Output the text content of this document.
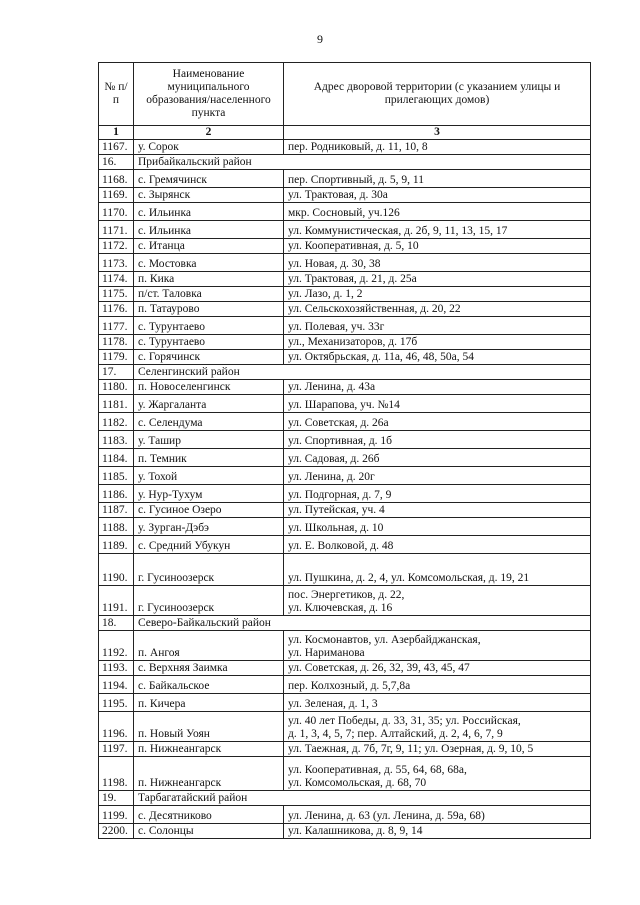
9
№ п/п	Наименование муниципального образования/населенного пункта	Адрес дворовой территории (с указанием улицы и прилегающих домов)
1	2	3
1167.	у. Сорок	пер. Родниковый, д. 11, 10, 8
16.	Прибайкальский район	
1168.	с. Гремячинск	пер. Спортивный, д. 5, 9, 11
1169.	с. Зырянск	ул. Трактовая, д. 30а
1170.	с. Ильинка	мкр. Сосновый, уч.126
1171.	с. Ильинка	ул. Коммунистическая, д. 2б, 9, 11, 13, 15, 17
1172.	с. Итанца	ул. Кооперативная, д. 5, 10
1173.	с. Мостовка	ул. Новая, д. 30, 38
1174.	п. Кика	ул. Трактовая, д. 21, д. 25а
1175.	п/ст. Таловка	ул. Лазо, д. 1, 2
1176.	п. Татаурово	ул. Сельскохозяйственная, д. 20, 22
1177.	с. Турунтаево	ул. Полевая, уч. 33г
1178.	с. Турунтаево	ул., Механизаторов, д. 17б
1179.	с. Горячинск	ул. Октябрьская, д. 11а, 46, 48, 50а, 54
17.	Селенгинский район	
1180.	п. Новоселенгинск	ул. Ленина, д. 43а
1181.	у. Жаргаланта	ул. Шарапова, уч. №14
1182.	с. Селендума	ул. Советская, д. 26а
1183.	у. Ташир	ул. Спортивная, д. 1б
1184.	п. Темник	ул. Садовая, д. 26б
1185.	у. Тохой	ул. Ленина, д. 20г
1186.	у. Нур-Тухум	ул. Подгорная, д. 7, 9
1187.	с. Гусиное Озеро	ул. Путейская, уч. 4
1188.	у. Зурган-Дэбэ	ул. Школьная, д. 10
1189.	с. Средний Убукун	ул. Е. Волковой, д. 48
1190.	г. Гусиноозерск	ул. Пушкина, д. 2, 4, ул. Комсомольская, д. 19, 21
1191.	г. Гусиноозерск	пос. Энергетиков, д. 22,
ул. Ключевская, д. 16
18.	Северо-Байкальский район	
1192.	п. Ангоя	ул. Космонавтов, ул. Азербайджанская,
ул. Нариманова
1193.	с. Верхняя Заимка	ул. Советская, д. 26, 32, 39, 43, 45, 47
1194.	с. Байкальское	пер. Колхозный, д. 5,7,8а
1195.	п. Кичера	ул. Зеленая, д. 1, 3
1196.	п. Новый Уоян	ул. 40 лет Победы, д. 33, 31, 35; ул. Российская,
д. 1, 3, 4, 5, 7; пер. Алтайский, д. 2, 4, 6, 7, 9
1197.	п. Нижнеангарск	ул. Таежная, д. 7б, 7г, 9, 11; ул. Озерная, д. 9, 10, 5
1198.	п. Нижнеангарск	ул. Кооперативная, д. 55, 64, 68, 68а,
ул. Комсомольская, д. 68, 70
19.	Тарбагатайский район	
1199.	с. Десятниково	ул. Ленина, д. 63 (ул. Ленина, д. 59а, 68)
2200.	с. Солонцы	ул. Калашникова, д. 8, 9, 14
